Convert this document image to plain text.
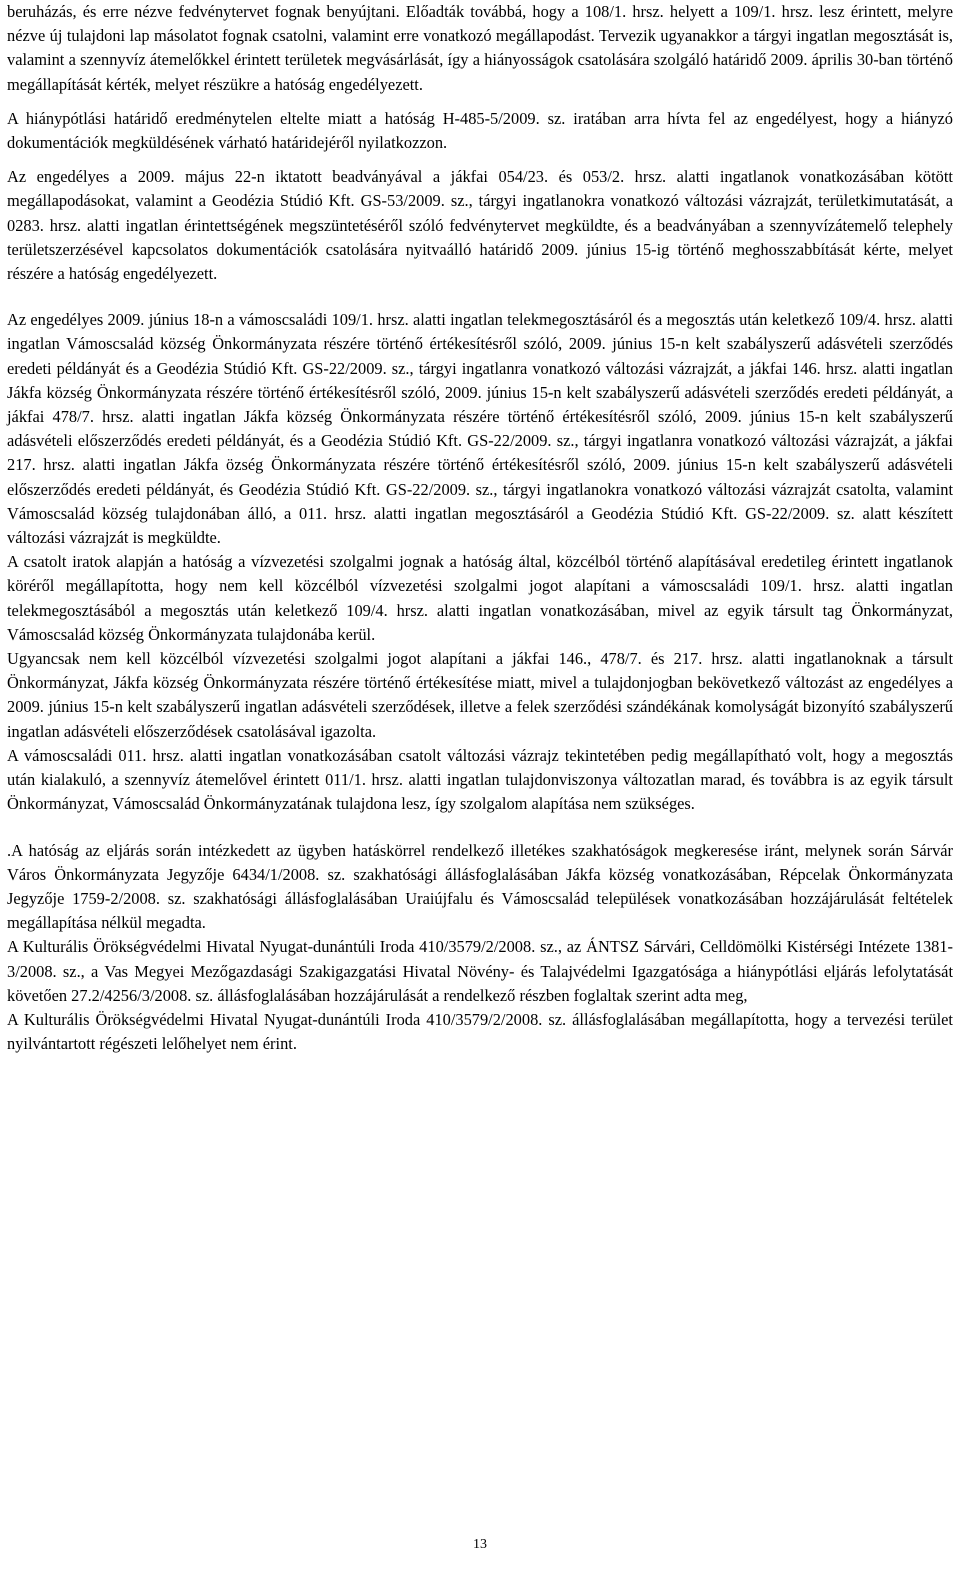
beruházás, és erre nézve fedvénytervet fognak benyújtani. Előadták továbbá, hogy a 108/1. hrsz. helyett a 109/1. hrsz. lesz érintett, melyre nézve új tulajdoni lap másolatot fognak csatolni, valamint erre vonatkozó megállapodást. Tervezik ugyanakkor a tárgyi ingatlan megosztását is, valamint a szennyvíz átemelőkkel érintett területek megvásárlását, így a hiányosságok csatolására szolgáló határidő 2009. április 30-ban történő megállapítását kérték, melyet részükre a hatóság engedélyezett.

A hiánypótlási határidő eredménytelen eltelte miatt a hatóság H-485-5/2009. sz. iratában arra hívta fel az engedélyest, hogy a hiányzó dokumentációk megküldésének várható határidejéről nyilatkozzon.

Az engedélyes a 2009. május 22-n iktatott beadványával a jákfai 054/23. és 053/2. hrsz. alatti ingatlanok vonatkozásában kötött megállapodásokat, valamint a Geodézia Stúdió Kft. GS-53/2009. sz., tárgyi ingatlanokra vonatkozó változási vázrajzát, területkimutatását, a 0283. hrsz. alatti ingatlan érintettségének megszüntetéséről szóló fedvénytervet megküldte, és a beadványában a szennyvízátemelő telephely területszerzésével kapcsolatos dokumentációk csatolására nyitvaálló határidő 2009. június 15-ig történő meghosszabbítását kérte, melyet részére a hatóság engedélyezett.

Az engedélyes 2009. június 18-n a vámoscsaládi 109/1. hrsz. alatti ingatlan telekmegosztásáról és a megosztás után keletkező 109/4. hrsz. alatti ingatlan Vámoscsalád község Önkormányzata részére történő értékesítésről szóló, 2009. június 15-n kelt szabályszerű adásvételi szerződés eredeti példányát és a Geodézia Stúdió Kft. GS-22/2009. sz., tárgyi ingatlanra vonatkozó változási vázrajzát, a jákfai 146. hrsz. alatti ingatlan Jákfa község Önkormányzata részére történő értékesítésről szóló, 2009. június 15-n kelt szabályszerű adásvételi szerződés eredeti példányát, a jákfai 478/7. hrsz. alatti ingatlan Jákfa község Önkormányzata részére történő értékesítésről szóló, 2009. június 15-n kelt szabályszerű adásvételi előszerződés eredeti példányát, és a Geodézia Stúdió Kft. GS-22/2009. sz., tárgyi ingatlanra vonatkozó változási vázrajzát, a jákfai 217. hrsz. alatti ingatlan Jákfa özség Önkormányzata részére történő értékesítésről szóló, 2009. június 15-n kelt szabályszerű adásvételi előszerződés eredeti példányát, és Geodézia Stúdió Kft. GS-22/2009. sz., tárgyi ingatlanokra vonatkozó változási vázrajzát csatolta, valamint Vámoscsalád község tulajdonában álló, a 011. hrsz. alatti ingatlan megosztásáról a Geodézia Stúdió Kft. GS-22/2009. sz. alatt készített változási vázrajzát is megküldte.

A csatolt iratok alapján a hatóság a vízvezetési szolgalmi jognak a hatóság által, közcélból történő alapításával eredetileg érintett ingatlanok köréről megállapította, hogy nem kell közcélból vízvezetési szolgalmi jogot alapítani a vámoscsaládi 109/1. hrsz. alatti ingatlan telekmegosztásából a megosztás után keletkező 109/4. hrsz. alatti ingatlan vonatkozásában, mivel az egyik társult tag Önkormányzat, Vámoscsalád község Önkormányzata tulajdonába kerül.

Ugyancsak nem kell közcélból vízvezetési szolgalmi jogot alapítani a jákfai 146., 478/7. és 217. hrsz. alatti ingatlanoknak a társult Önkormányzat, Jákfa község Önkormányzata részére történő értékesítése miatt, mivel a tulajdonjogban bekövetkező változást az engedélyes a 2009. június 15-n kelt szabályszerű ingatlan adásvételi szerződések, illetve a felek szerződési szándékának komolyságát bizonyító szabályszerű ingatlan adásvételi előszerződések csatolásával igazolta.

A vámoscsaládi 011. hrsz. alatti ingatlan vonatkozásában csatolt változási vázrajz tekintetében pedig megállapítható volt, hogy a megosztás után kialakuló, a szennyvíz átemelővel érintett 011/1. hrsz. alatti ingatlan tulajdonviszonya változatlan marad, és továbbra is az egyik társult Önkormányzat, Vámoscsalád Önkormányzatának tulajdona lesz, így szolgalom alapítása nem szükséges.

.A hatóság az eljárás során intézkedett az ügyben hatáskörrel rendelkező illetékes szakhatóságok megkeresése iránt, melynek során Sárvár Város Önkormányzata Jegyzője 6434/1/2008. sz. szakhatósági állásfoglalásában Jákfa község vonatkozásában, Répcelak Önkormányzata Jegyzője 1759-2/2008. sz. szakhatósági állásfoglalásában Uraiújfalu és Vámoscsalád települések vonatkozásában hozzájárulását feltételek megállapítása nélkül megadta.

A Kulturális Örökségvédelmi Hivatal Nyugat-dunántúli Iroda 410/3579/2/2008. sz., az ÁNTSZ Sárvári, Celldömölki Kistérségi Intézete 1381-3/2008. sz., a Vas Megyei Mezőgazdasági Szakigazgatási Hivatal Növény- és Talajvédelmi Igazgatósága a hiánypótlási eljárás lefolytatását követően 27.2/4256/3/2008. sz. állásfoglalásában hozzájárulását a rendelkező részben foglaltak szerint adta meg,

A Kulturális Örökségvédelmi Hivatal Nyugat-dunántúli Iroda 410/3579/2/2008. sz. állásfoglalásában megállapította, hogy a tervezési terület nyilvántartott régészeti lelőhelyet nem érint.

13
